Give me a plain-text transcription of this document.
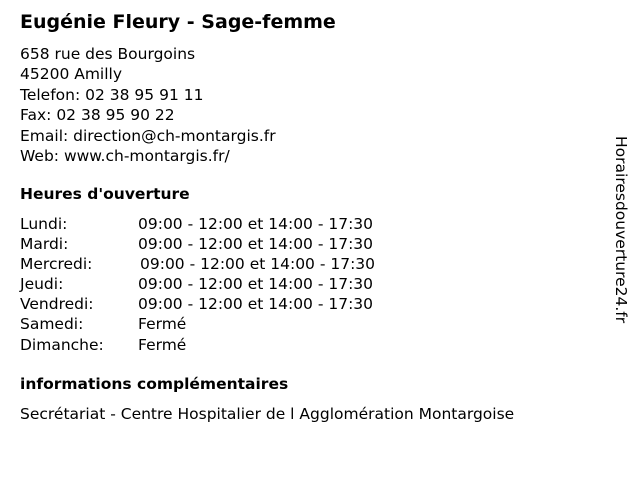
Eugénie Fleury - Sage-femme
658 rue des Bourgoins
45200 Amilly
Telefon: 02 38 95 91 11
Fax: 02 38 95 90 22
Email: direction@ch-montargis.fr
Web: www.ch-montargis.fr/
Heures d'ouverture
Lundi:	09:00 - 12:00 et 14:00 - 17:30
Mardi:	09:00 - 12:00 et 14:00 - 17:30
Mercredi:	09:00 - 12:00 et 14:00 - 17:30
Jeudi:	09:00 - 12:00 et 14:00 - 17:30
Vendredi:	09:00 - 12:00 et 14:00 - 17:30
Samedi:	Fermé
Dimanche: Fermé
informations complémentaires
Secrétariat - Centre Hospitalier de l Agglomération Montargoise
Horairesdouverture24.fr
